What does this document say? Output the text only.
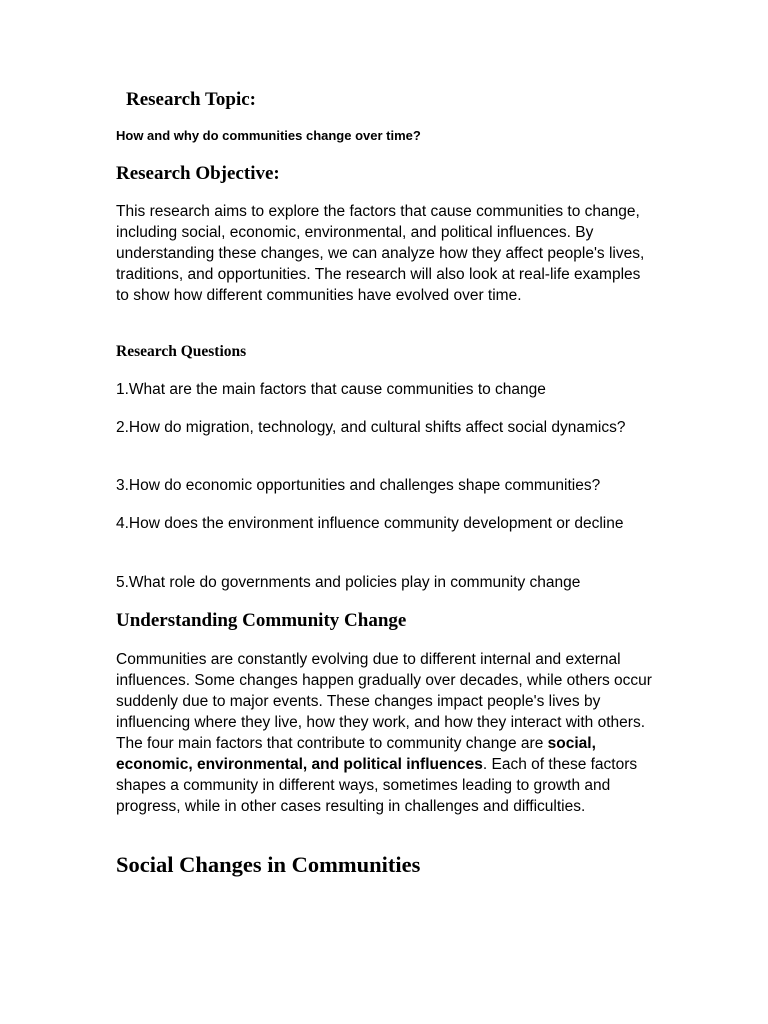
Research Topic:

How and why do communities change over time?

Research Objective:

This research aims to explore the factors that cause communities to change, including social, economic, environmental, and political influences. By understanding these changes, we can analyze how they affect people's lives, traditions, and opportunities. The research will also look at real-life examples to show how different communities have evolved over time.

Research Questions

1.What are the main factors that cause communities to change

2.How do migration, technology, and cultural shifts affect social dynamics?

3.How do economic opportunities and challenges shape communities?

4.How does the environment influence community development or decline

5.What role do governments and policies play in community change

Understanding Community Change

Communities are constantly evolving due to different internal and external influences. Some changes happen gradually over decades, while others occur suddenly due to major events. These changes impact people's lives by influencing where they live, how they work, and how they interact with others. The four main factors that contribute to community change are social, economic, environmental, and political influences. Each of these factors shapes a community in different ways, sometimes leading to growth and progress, while in other cases resulting in challenges and difficulties.

Social Changes in Communities
